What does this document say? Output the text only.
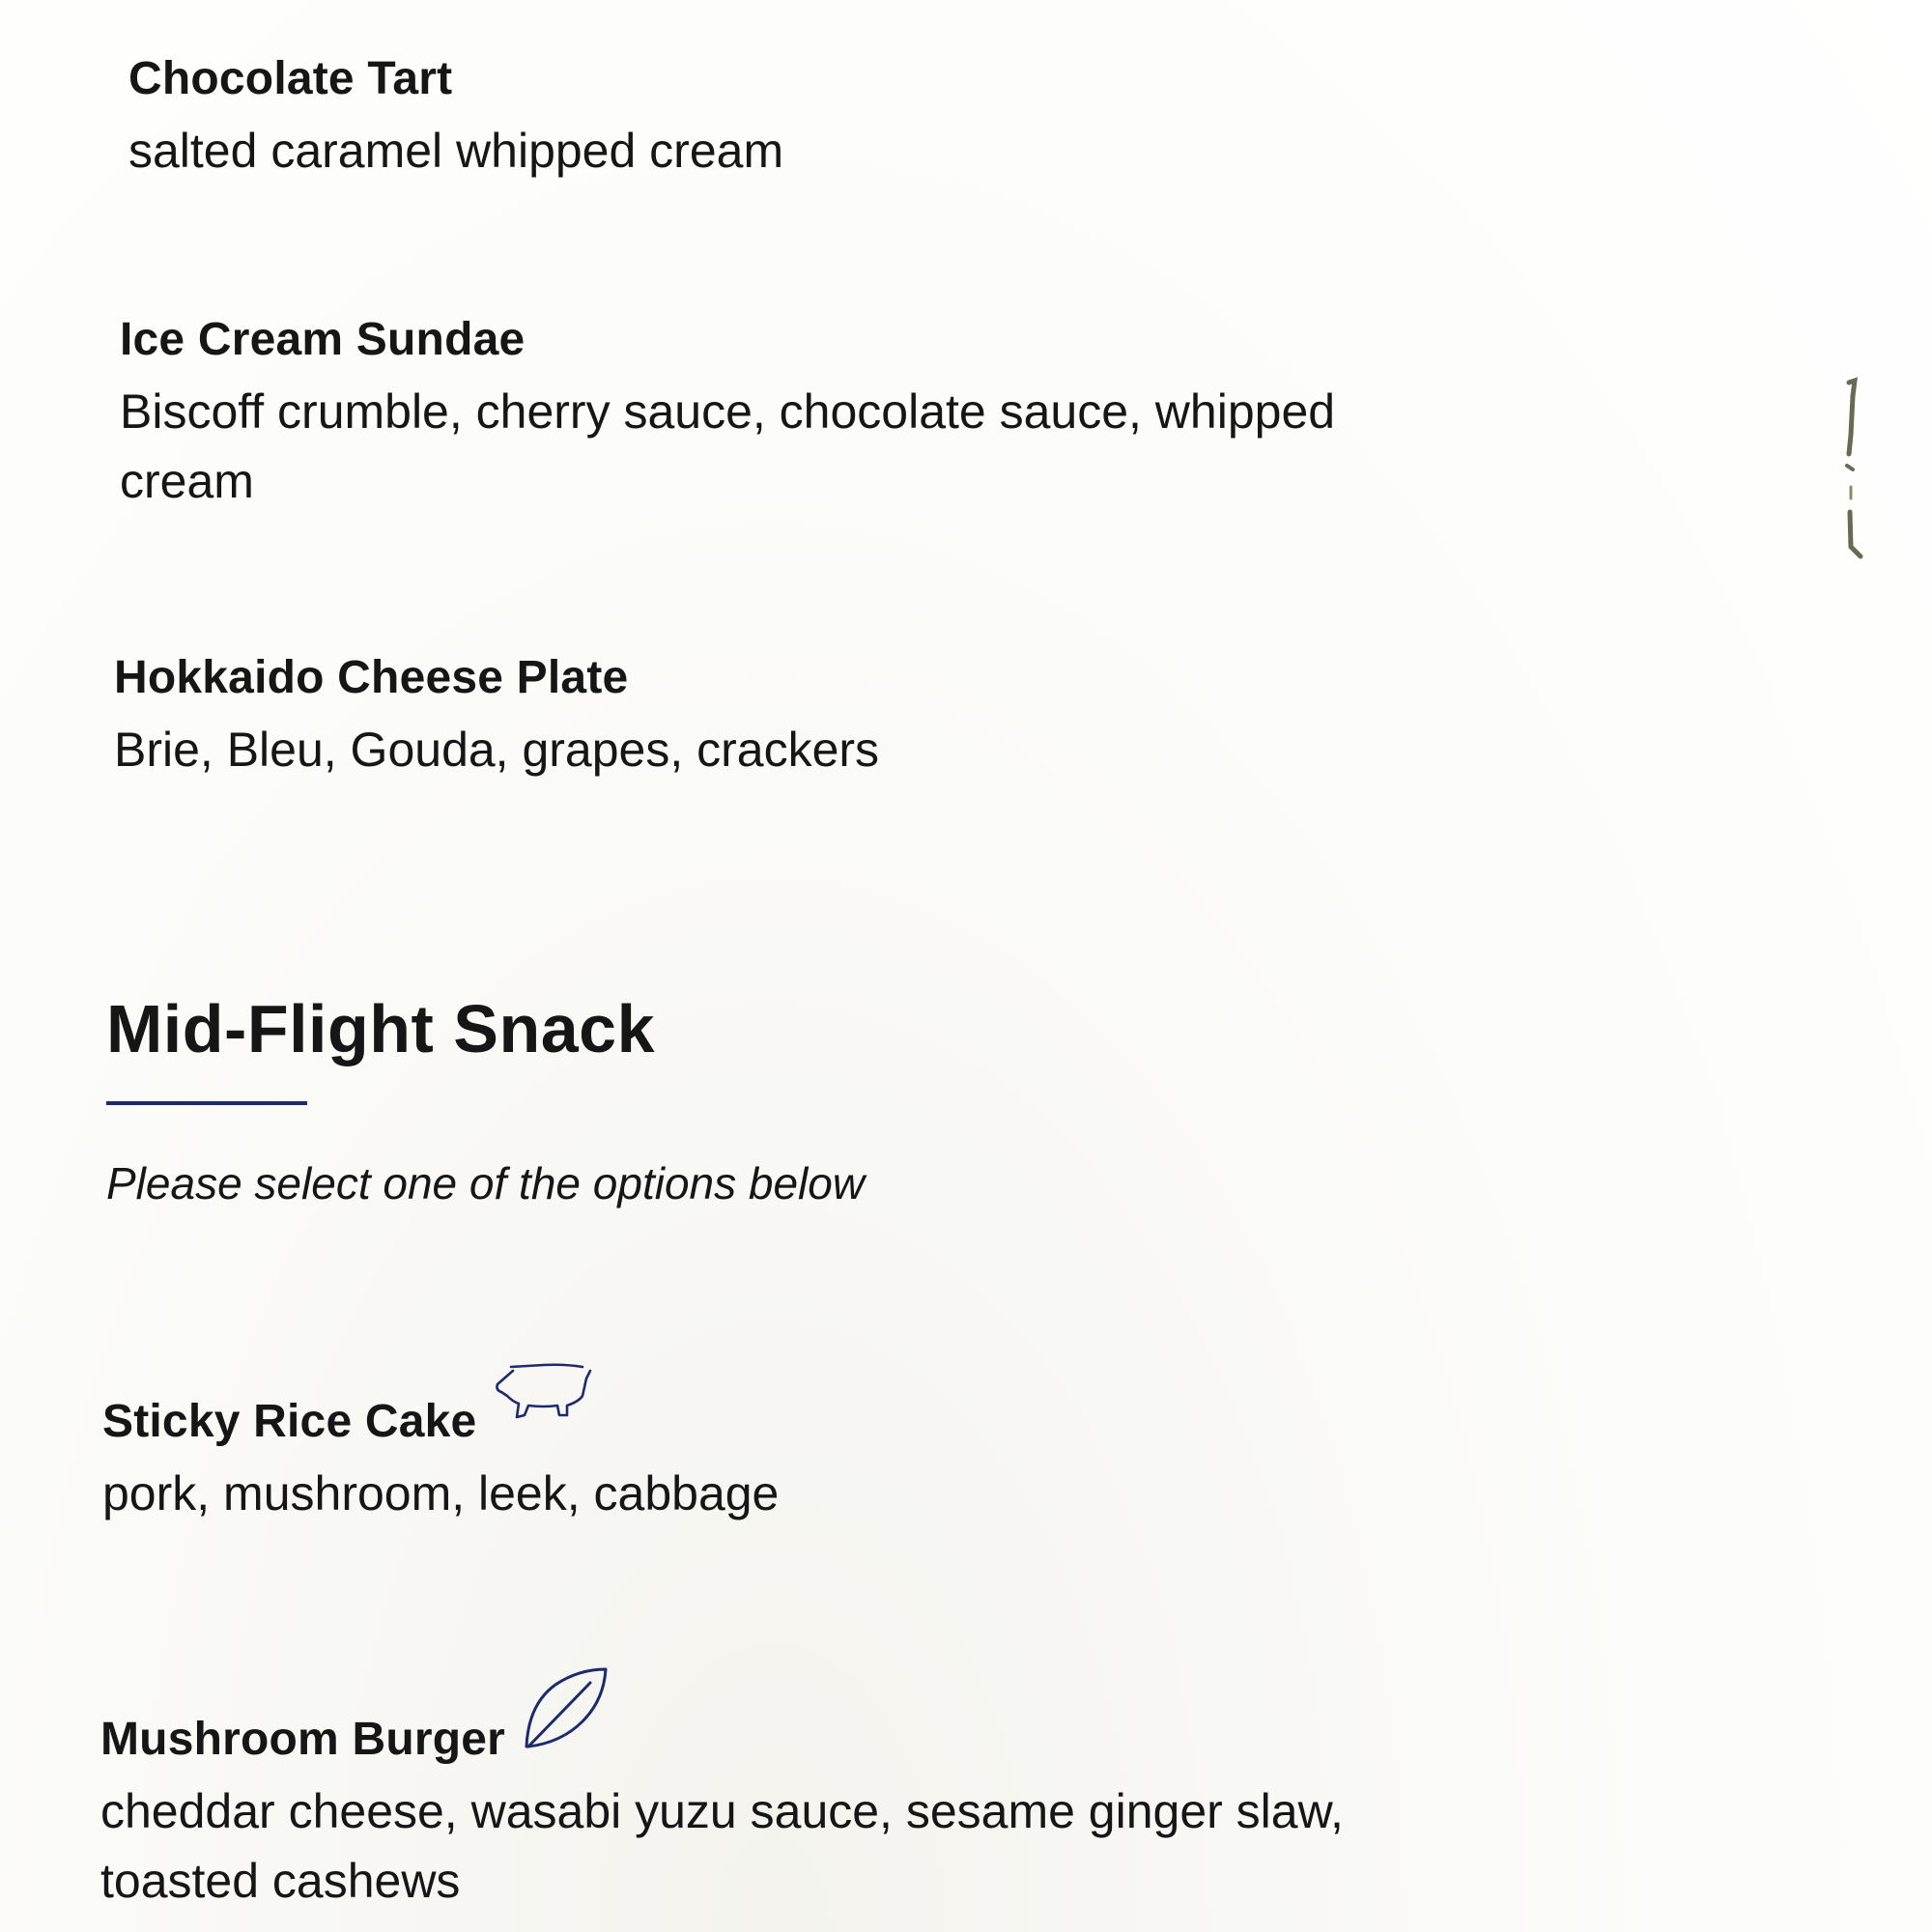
Chocolate Tart
salted caramel whipped cream
Ice Cream Sundae
Biscoff crumble, cherry sauce, chocolate sauce, whipped cream
Hokkaido Cheese Plate
Brie, Bleu, Gouda, grapes, crackers
Mid-Flight Snack
Please select one of the options below
Sticky Rice Cake
pork, mushroom, leek, cabbage
Mushroom Burger
cheddar cheese, wasabi yuzu sauce, sesame ginger slaw, toasted cashews
